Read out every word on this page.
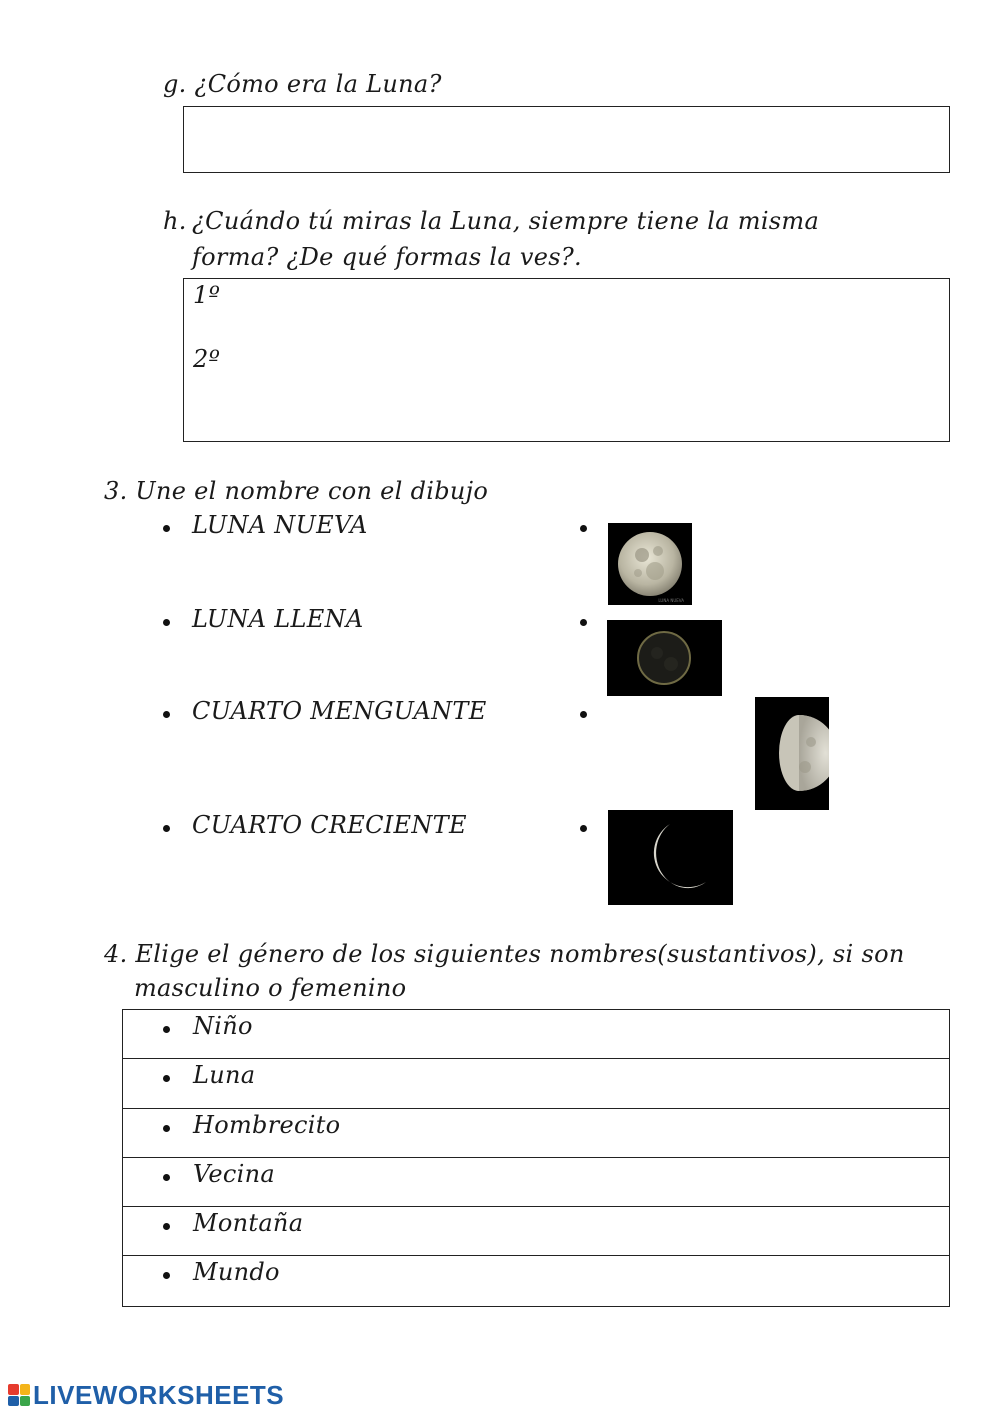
g. ¿Cómo era la Luna?
h. ¿Cuándo tú miras la Luna, siempre tiene la misma
forma? ¿De qué formas la ves?.
1º
2º
3. Une el nombre con el dibujo
LUNA NUEVA
LUNA LLENA
CUARTO MENGUANTE
CUARTO CRECIENTE
LUNA NUEVA
4. Elige el género de los siguientes nombres(sustantivos), si son
masculino o femenino
Niño
Luna
Hombrecito
Vecina
Montaña
Mundo
LIVEWORKSHEETS
